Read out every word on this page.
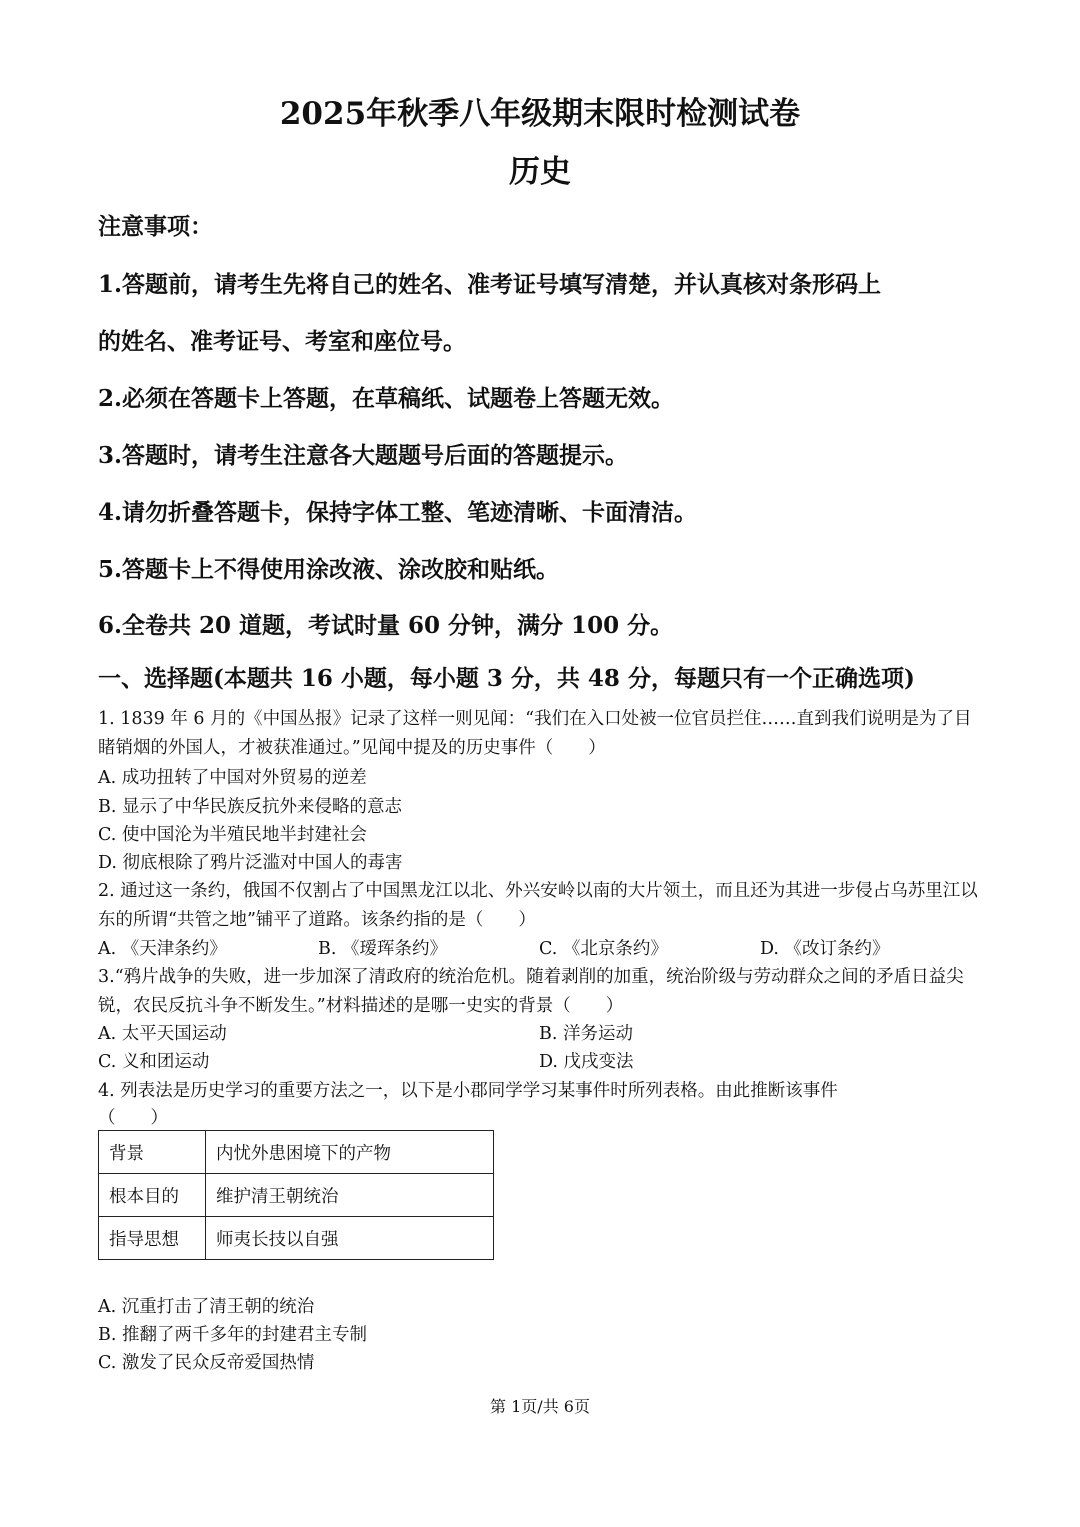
2025年秋季八年级期末限时检测试卷
历史
注意事项：
1.答题前，请考生先将自己的姓名、准考证号填写清楚，并认真核对条形码上
的姓名、准考证号、考室和座位号。
2.必须在答题卡上答题，在草稿纸、试题卷上答题无效。
3.答题时，请考生注意各大题题号后面的答题提示。
4.请勿折叠答题卡，保持字体工整、笔迹清晰、卡面清洁。
5.答题卡上不得使用涂改液、涂改胶和贴纸。
6.全卷共 20 道题，考试时量 60 分钟，满分 100 分。
一、选择题(本题共 16 小题，每小题 3 分，共 48 分，每题只有一个正确选项)
1. 1839 年 6 月的《中国丛报》记录了这样一则见闻：“我们在入口处被一位官员拦住……直到我们说明是为了目睹销烟的外国人，才被获准通过。”见闻中提及的历史事件（　　）
A. 成功扭转了中国对外贸易的逆差
B. 显示了中华民族反抗外来侵略的意志
C. 使中国沦为半殖民地半封建社会
D. 彻底根除了鸦片泛滥对中国人的毒害
2. 通过这一条约，俄国不仅割占了中国黑龙江以北、外兴安岭以南的大片领土，而且还为其进一步侵占乌苏里江以东的所谓“共管之地”铺平了道路。该条约指的是（　　）
A. 《天津条约》	B. 《瑷珲条约》	C. 《北京条约》	D. 《改订条约》
3.“鸦片战争的失败，进一步加深了清政府的统治危机。随着剥削的加重，统治阶级与劳动群众之间的矛盾日益尖锐，农民反抗斗争不断发生。”材料描述的是哪一史实的背景（　　）
A. 太平天国运动	B. 洋务运动
C. 义和团运动	D. 戊戌变法
4. 列表法是历史学习的重要方法之一，以下是小郡同学学习某事件时所列表格。由此推断该事件
（　　）
背景	内忧外患困境下的产物
根本目的	维护清王朝统治
指导思想	师夷长技以自强
A. 沉重打击了清王朝的统治
B. 推翻了两千多年的封建君主专制
C. 激发了民众反帝爱国热情
第 1页/共 6页
